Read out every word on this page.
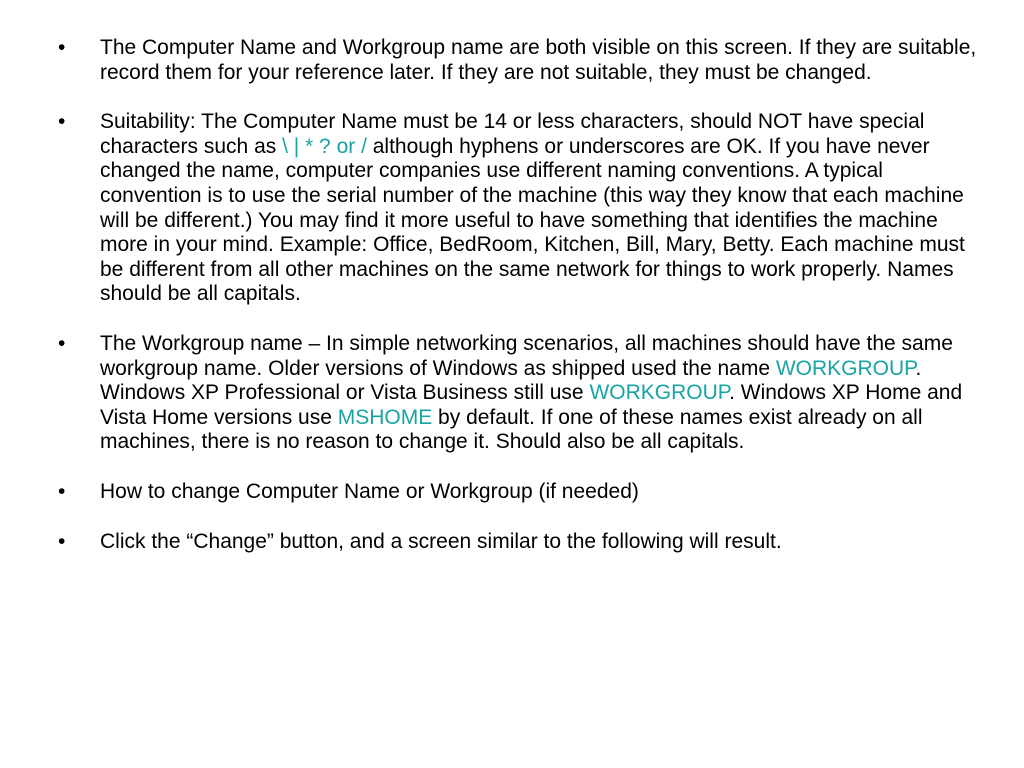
• The Computer Name and Workgroup name are both visible on this screen. If they are suitable, record them for your reference later. If they are not suitable, they must be changed.
• Suitability: The Computer Name must be 14 or less characters, should NOT have special characters such as \ | * ? or / although hyphens or underscores are OK. If you have never changed the name, computer companies use different naming conventions. A typical convention is to use the serial number of the machine (this way they know that each machine will be different.) You may find it more useful to have something that identifies the machine more in your mind. Example: Office, BedRoom, Kitchen, Bill, Mary, Betty. Each machine must be different from all other machines on the same network for things to work properly. Names should be all capitals.
• The Workgroup name – In simple networking scenarios, all machines should have the same workgroup name. Older versions of Windows as shipped used the name WORKGROUP. Windows XP Professional or Vista Business still use WORKGROUP. Windows XP Home and Vista Home versions use MSHOME by default. If one of these names exist already on all machines, there is no reason to change it. Should also be all capitals.
• How to change Computer Name or Workgroup (if needed)
• Click the “Change” button, and a screen similar to the following will result.
